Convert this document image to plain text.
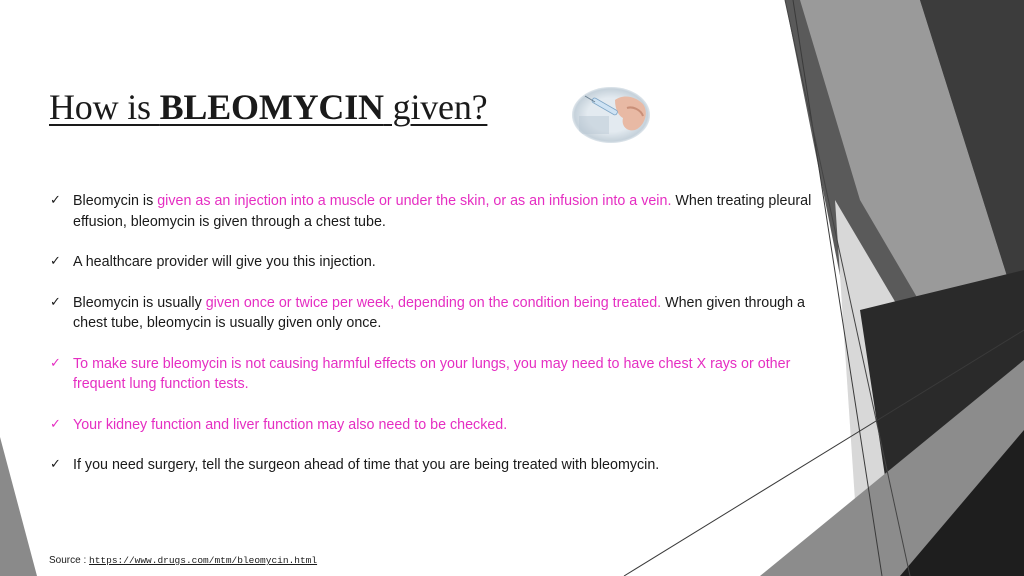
How is BLEOMYCIN given?
✓ Bleomycin is given as an injection into a muscle or under the skin, or as an infusion into a vein. When treating pleural effusion, bleomycin is given through a chest tube.
✓ A healthcare provider will give you this injection.
✓ Bleomycin is usually given once or twice per week, depending on the condition being treated. When given through a chest tube, bleomycin is usually given only once.
✓ To make sure bleomycin is not causing harmful effects on your lungs, you may need to have chest X rays or other frequent lung function tests.
✓ Your kidney function and liver function may also need to be checked.
✓ If you need surgery, tell the surgeon ahead of time that you are being treated with bleomycin.
Source : https://www.drugs.com/mtm/bleomycin.html
